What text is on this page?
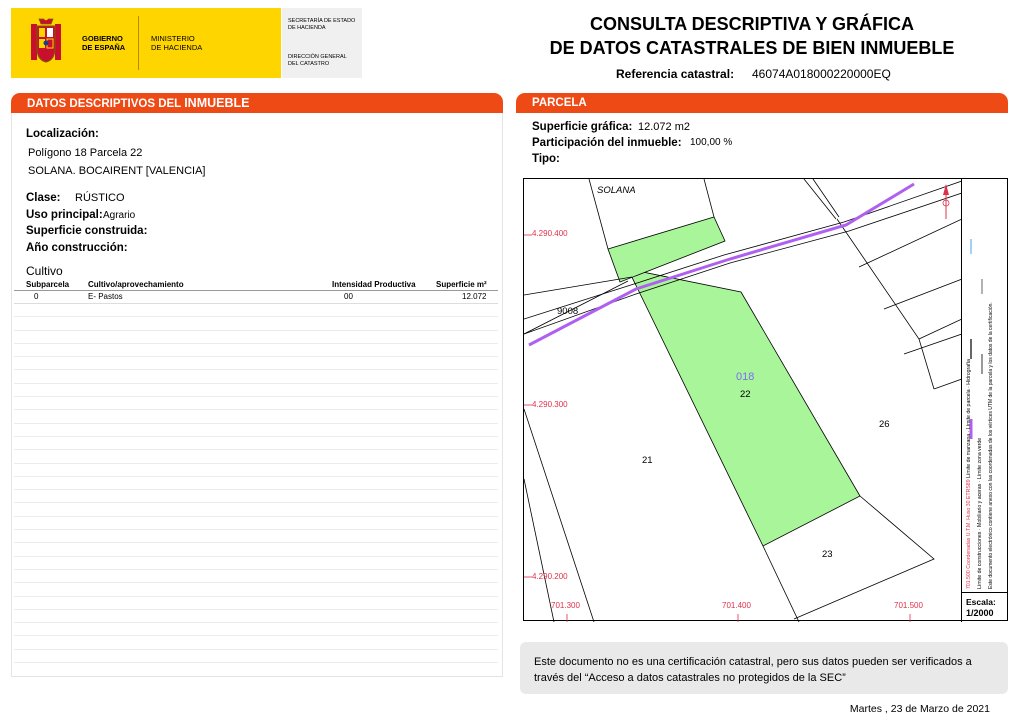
GOBIERNO
DE ESPAÑA
MINISTERIO
DE HACIENDA
SECRETARÍA DE ESTADO
DE HACIENDA
DIRECCIÓN GENERAL
DEL CATASTRO
CONSULTA DESCRIPTIVA Y GRÁFICA
DE DATOS CATASTRALES DE BIEN INMUEBLE
Referencia catastral: 46074A018000220000EQ
DATOS DESCRIPTIVOS DEL INMUEBLE
Localización:
Polígono 18 Parcela 22
SOLANA. BOCAIRENT [VALENCIA]
Clase: RÚSTICO
Uso principal: Agrario
Superficie construida:
Año construcción:
Cultivo
Subparcela Cultivo/aprovechamiento	Intensidad Productiva	Superficie m²
0	E- Pastos	00	12.072
PARCELA
Superficie gráfica: 12.072 m2
Participación del inmueble: 100,00 %
Tipo:
SOLANA
9008
018
22
21
23
26
4.290.400
4.290.300
4.290.200
701.300	701.400	701.500
701.500 Coordenadas U.T.M. Huso 30 ETRS89 Límite de manzana · Límite de parcela · Hidrografía
Límite de construcciones · Mobiliario y aceras · Límite zona verde Este documento electrónico contiene anexo con las coordenadas de los vértices UTM de la parcela y los datos de la certificación.
Escala:
1/2000
Este documento no es una certificación catastral, pero sus datos pueden ser verificados a
través del “Acceso a datos catastrales no protegidos de la SEC”
Martes , 23 de Marzo de 2021
